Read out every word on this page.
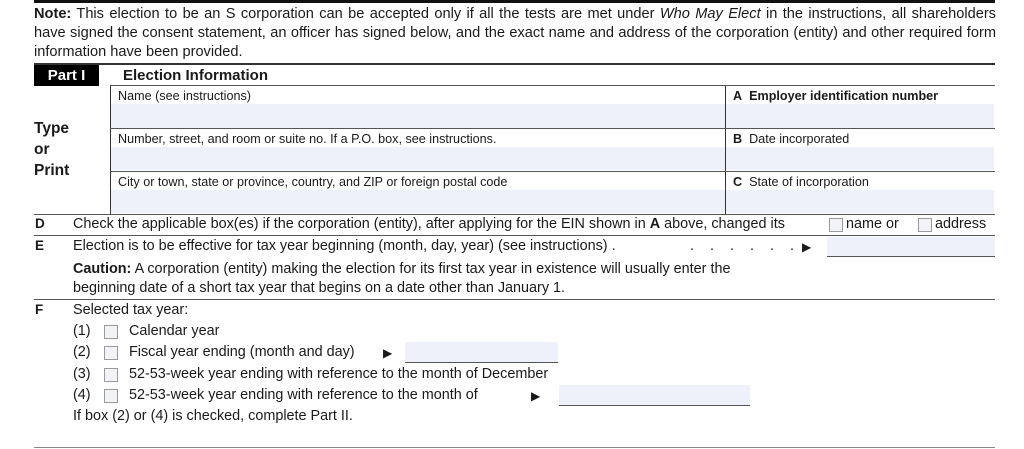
Note: This election to be an S corporation can be accepted only if all the tests are met under Who May Elect in the instructions, all shareholders have signed the consent statement, an officer has signed below, and the exact name and address of the corporation (entity) and other required form information have been provided.
Part I	Election Information
Type
or
Print
Name (see instructions)	A Employer identification number
Number, street, and room or suite no. If a P.O. box, see instructions.	B Date incorporated
City or town, state or province, country, and ZIP or foreign postal code	C State of incorporation
D Check the applicable box(es) if the corporation (entity), after applying for the EIN shown in A above, changed its	name or	address
E Election is to be effective for tax year beginning (month, day, year) (see instructions) .	. . . . . . ▶
Caution: A corporation (entity) making the election for its first tax year in existence will usually enter the
beginning date of a short tax year that begins on a date other than January 1.
F Selected tax year:
(1)	Calendar year
(2)	Fiscal year ending (month and day) ▶
(3)	52-53-week year ending with reference to the month of December
(4)	52-53-week year ending with reference to the month of	▶
If box (2) or (4) is checked, complete Part II.
